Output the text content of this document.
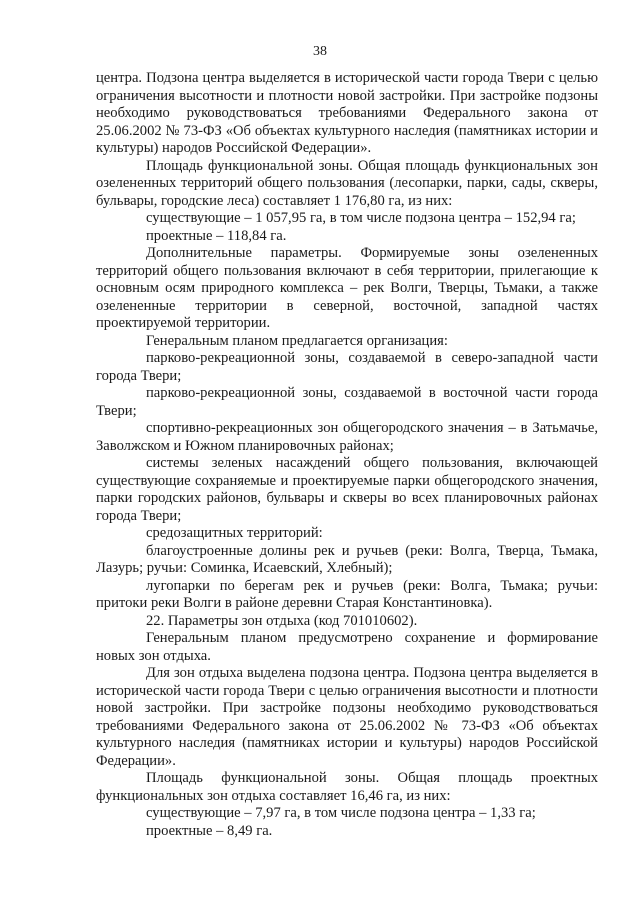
38

центра. Подзона центра выделяется в исторической части города Твери с целью ограничения высотности и плотности новой застройки. При застройке подзоны необходимо руководствоваться требованиями Федерального закона от 25.06.2002 № 73-ФЗ «Об объектах культурного наследия (памятниках истории и культуры) народов Российской Федерации».

Площадь функциональной зоны. Общая площадь функциональных зон озелененных территорий общего пользования (лесопарки, парки, сады, скверы, бульвары, городские леса) составляет 1 176,80 га, из них:

существующие – 1 057,95 га, в том числе подзона центра – 152,94 га;

проектные – 118,84 га.

Дополнительные параметры. Формируемые зоны озелененных территорий общего пользования включают в себя территории, прилегающие к основным осям природного комплекса – рек Волги, Тверцы, Тьмаки, а также озелененные территории в северной, восточной, западной частях проектируемой территории.

Генеральным планом предлагается организация:

парково-рекреационной зоны, создаваемой в северо-западной части города Твери;

парково-рекреационной зоны, создаваемой в восточной части города Твери;

спортивно-рекреационных зон общегородского значения – в Затьмачье, Заволжском и Южном планировочных районах;

системы зеленых насаждений общего пользования, включающей существующие сохраняемые и проектируемые парки общегородского значения, парки городских районов, бульвары и скверы во всех планировочных районах города Твери;

средозащитных территорий:

благоустроенные долины рек и ручьев (реки: Волга, Тверца, Тьмака, Лазурь; ручьи: Соминка, Исаевский, Хлебный);

лугопарки по берегам рек и ручьев (реки: Волга, Тьмака; ручьи: притоки реки Волги в районе деревни Старая Константиновка).

22. Параметры зон отдыха (код 701010602).

Генеральным планом предусмотрено сохранение и формирование новых зон отдыха.

Для зон отдыха выделена подзона центра. Подзона центра выделяется в исторической части города Твери с целью ограничения высотности и плотности новой застройки. При застройке подзоны необходимо руководствоваться требованиями Федерального закона от 25.06.2002 № 73-ФЗ «Об объектах культурного наследия (памятниках истории и культуры) народов Российской Федерации».

Площадь функциональной зоны. Общая площадь проектных функциональных зон отдыха составляет 16,46 га, из них:

существующие – 7,97 га, в том числе подзона центра – 1,33 га;

проектные – 8,49 га.
